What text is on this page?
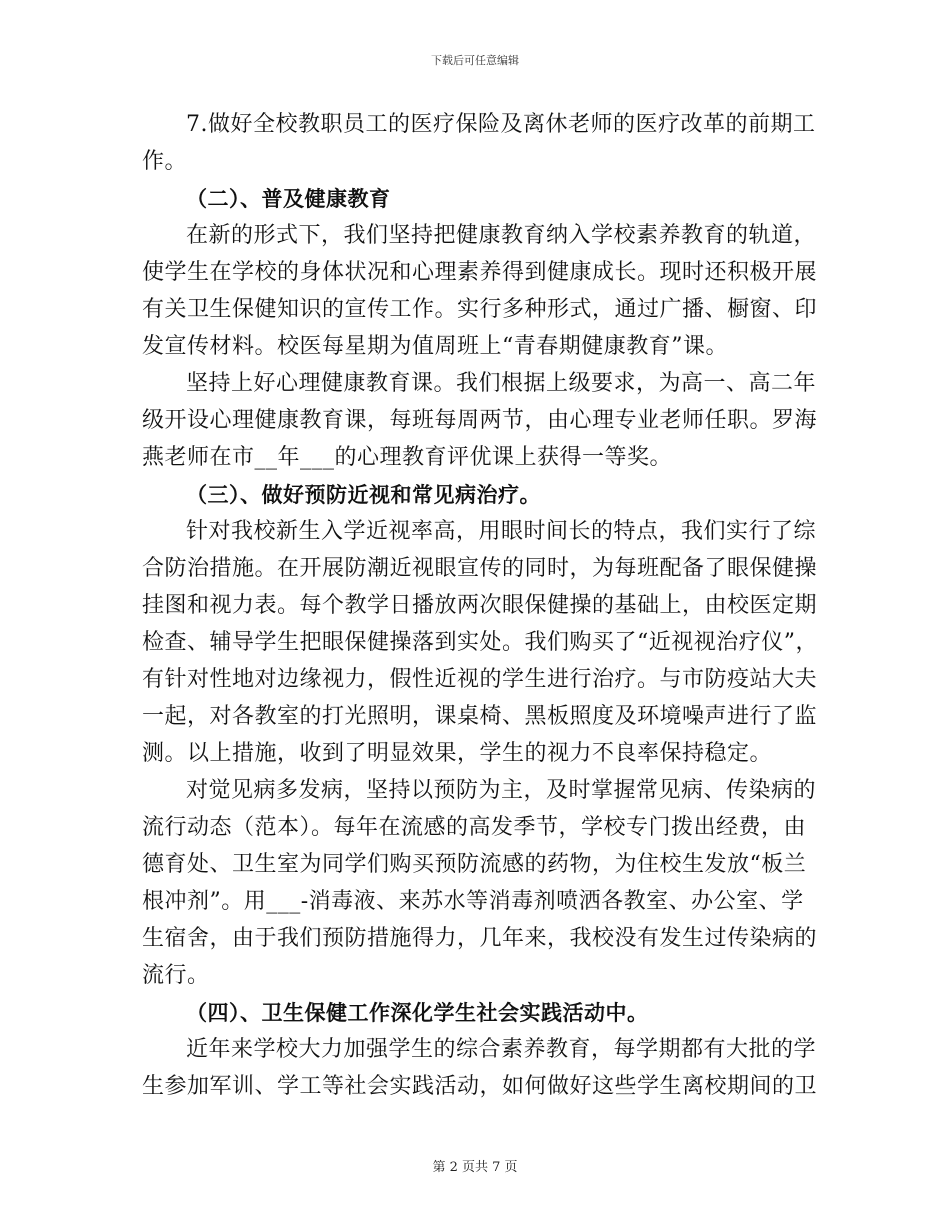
下载后可任意编辑
7.做好全校教职员工的医疗保险及离休老师的医疗改革的前期工
作。
（二）、普及健康教育
在新的形式下，我们坚持把健康教育纳入学校素养教育的轨道，
使学生在学校的身体状况和心理素养得到健康成长。现时还积极开展
有关卫生保健知识的宣传工作。实行多种形式，通过广播、橱窗、印
发宣传材料。校医每星期为值周班上“青春期健康教育”课。
坚持上好心理健康教育课。我们根据上级要求，为高一、高二年
级开设心理健康教育课，每班每周两节，由心理专业老师任职。罗海
燕老师在市__年___的心理教育评优课上获得一等奖。
（三）、做好预防近视和常见病治疗。
针对我校新生入学近视率高，用眼时间长的特点，我们实行了综
合防治措施。在开展防潮近视眼宣传的同时，为每班配备了眼保健操
挂图和视力表。每个教学日播放两次眼保健操的基础上，由校医定期
检查、辅导学生把眼保健操落到实处。我们购买了“近视视治疗仪”，
有针对性地对边缘视力，假性近视的学生进行治疗。与市防疫站大夫
一起，对各教室的打光照明，课桌椅、黑板照度及环境噪声进行了监
测。以上措施，收到了明显效果，学生的视力不良率保持稳定。
对觉见病多发病，坚持以预防为主，及时掌握常见病、传染病的
流行动态（范本）。每年在流感的高发季节，学校专门拨出经费，由
德育处、卫生室为同学们购买预防流感的药物，为住校生发放“板兰
根冲剂”。用___-消毒液、来苏水等消毒剂喷洒各教室、办公室、学
生宿舍，由于我们预防措施得力，几年来，我校没有发生过传染病的
流行。
（四）、卫生保健工作深化学生社会实践活动中。
近年来学校大力加强学生的综合素养教育，每学期都有大批的学
生参加军训、学工等社会实践活动，如何做好这些学生离校期间的卫
第 2 页共 7 页
